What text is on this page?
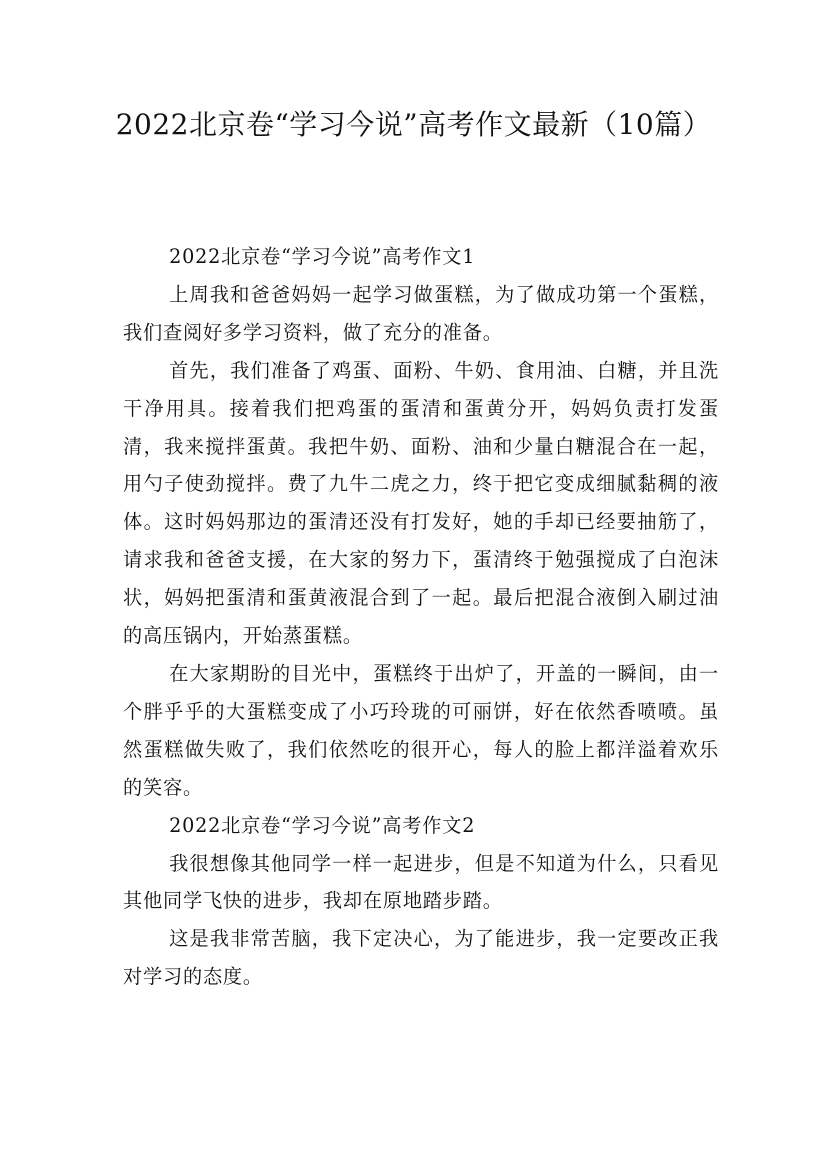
2022北京卷“学习今说”高考作文最新（10篇）

2022北京卷“学习今说”高考作文1

上周我和爸爸妈妈一起学习做蛋糕，为了做成功第一个蛋糕，我们查阅好多学习资料，做了充分的准备。

首先，我们准备了鸡蛋、面粉、牛奶、食用油、白糖，并且洗干净用具。接着我们把鸡蛋的蛋清和蛋黄分开，妈妈负责打发蛋清，我来搅拌蛋黄。我把牛奶、面粉、油和少量白糖混合在一起，用勺子使劲搅拌。费了九牛二虎之力，终于把它变成细腻黏稠的液体。这时妈妈那边的蛋清还没有打发好，她的手却已经要抽筋了，请求我和爸爸支援，在大家的努力下，蛋清终于勉强搅成了白泡沫状，妈妈把蛋清和蛋黄液混合到了一起。最后把混合液倒入刷过油的高压锅内，开始蒸蛋糕。

在大家期盼的目光中，蛋糕终于出炉了，开盖的一瞬间，由一个胖乎乎的大蛋糕变成了小巧玲珑的可丽饼，好在依然香喷喷。虽然蛋糕做失败了，我们依然吃的很开心，每人的脸上都洋溢着欢乐的笑容。

2022北京卷“学习今说”高考作文2

我很想像其他同学一样一起进步，但是不知道为什么，只看见其他同学飞快的进步，我却在原地踏步踏。

这是我非常苦脑，我下定决心，为了能进步，我一定要改正我对学习的态度。
